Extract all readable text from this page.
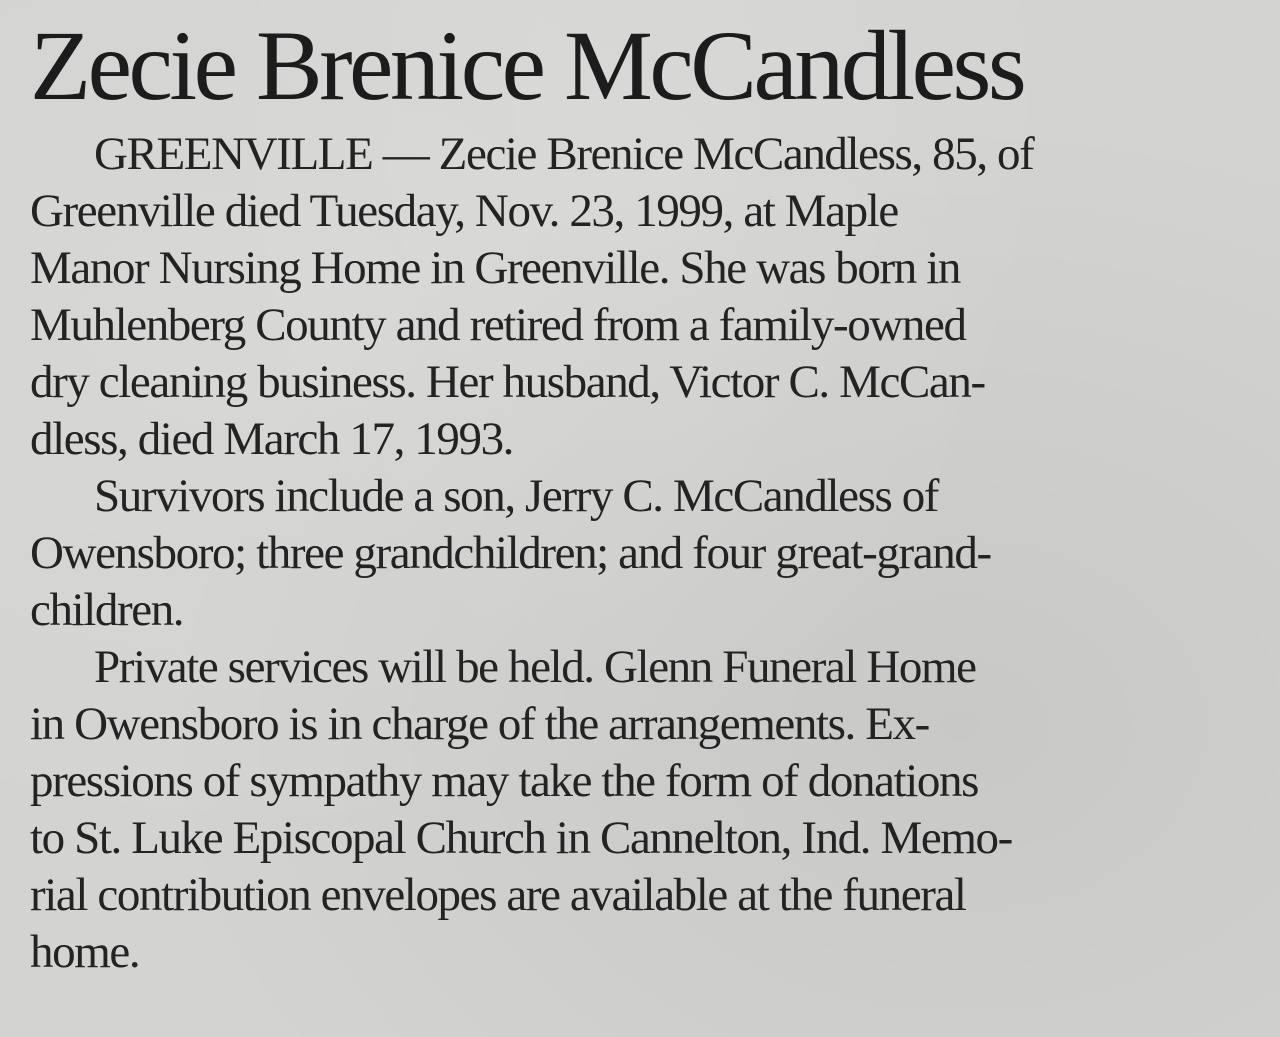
Zecie Brenice McCandless

GREENVILLE — Zecie Brenice McCandless, 85, of
Greenville died Tuesday, Nov. 23, 1999, at Maple
Manor Nursing Home in Greenville. She was born in
Muhlenberg County and retired from a family-owned
dry cleaning business. Her husband, Victor C. McCan-
dless, died March 17, 1993.

Survivors include a son, Jerry C. McCandless of
Owensboro; three grandchildren; and four great-grand-
children.

Private services will be held. Glenn Funeral Home
in Owensboro is in charge of the arrangements. Ex-
pressions of sympathy may take the form of donations
to St. Luke Episcopal Church in Cannelton, Ind. Memo-
rial contribution envelopes are available at the funeral
home.
